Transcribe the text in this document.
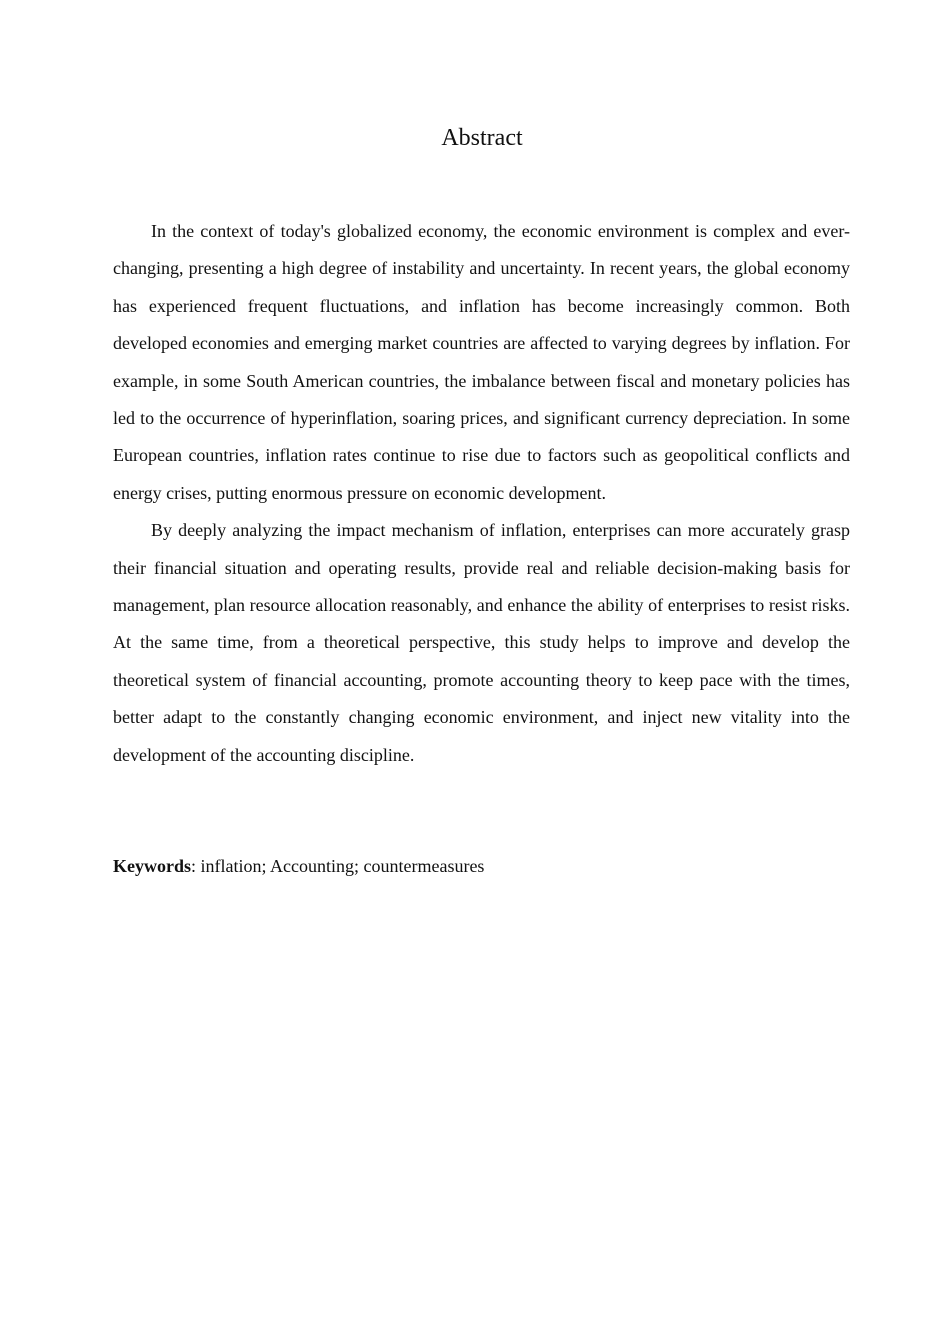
Abstract

In the context of today's globalized economy, the economic environment is complex and ever-changing, presenting a high degree of instability and uncertainty. In recent years, the global economy has experienced frequent fluctuations, and inflation has become increasingly common. Both developed economies and emerging market countries are affected to varying degrees by inflation. For example, in some South American countries, the imbalance between fiscal and monetary policies has led to the occurrence of hyperinflation, soaring prices, and significant currency depreciation. In some European countries, inflation rates continue to rise due to factors such as geopolitical conflicts and energy crises, putting enormous pressure on economic development.

By deeply analyzing the impact mechanism of inflation, enterprises can more accurately grasp their financial situation and operating results, provide real and reliable decision-making basis for management, plan resource allocation reasonably, and enhance the ability of enterprises to resist risks. At the same time, from a theoretical perspective, this study helps to improve and develop the theoretical system of financial accounting, promote accounting theory to keep pace with the times, better adapt to the constantly changing economic environment, and inject new vitality into the development of the accounting discipline.

Keywords: inflation; Accounting; countermeasures
